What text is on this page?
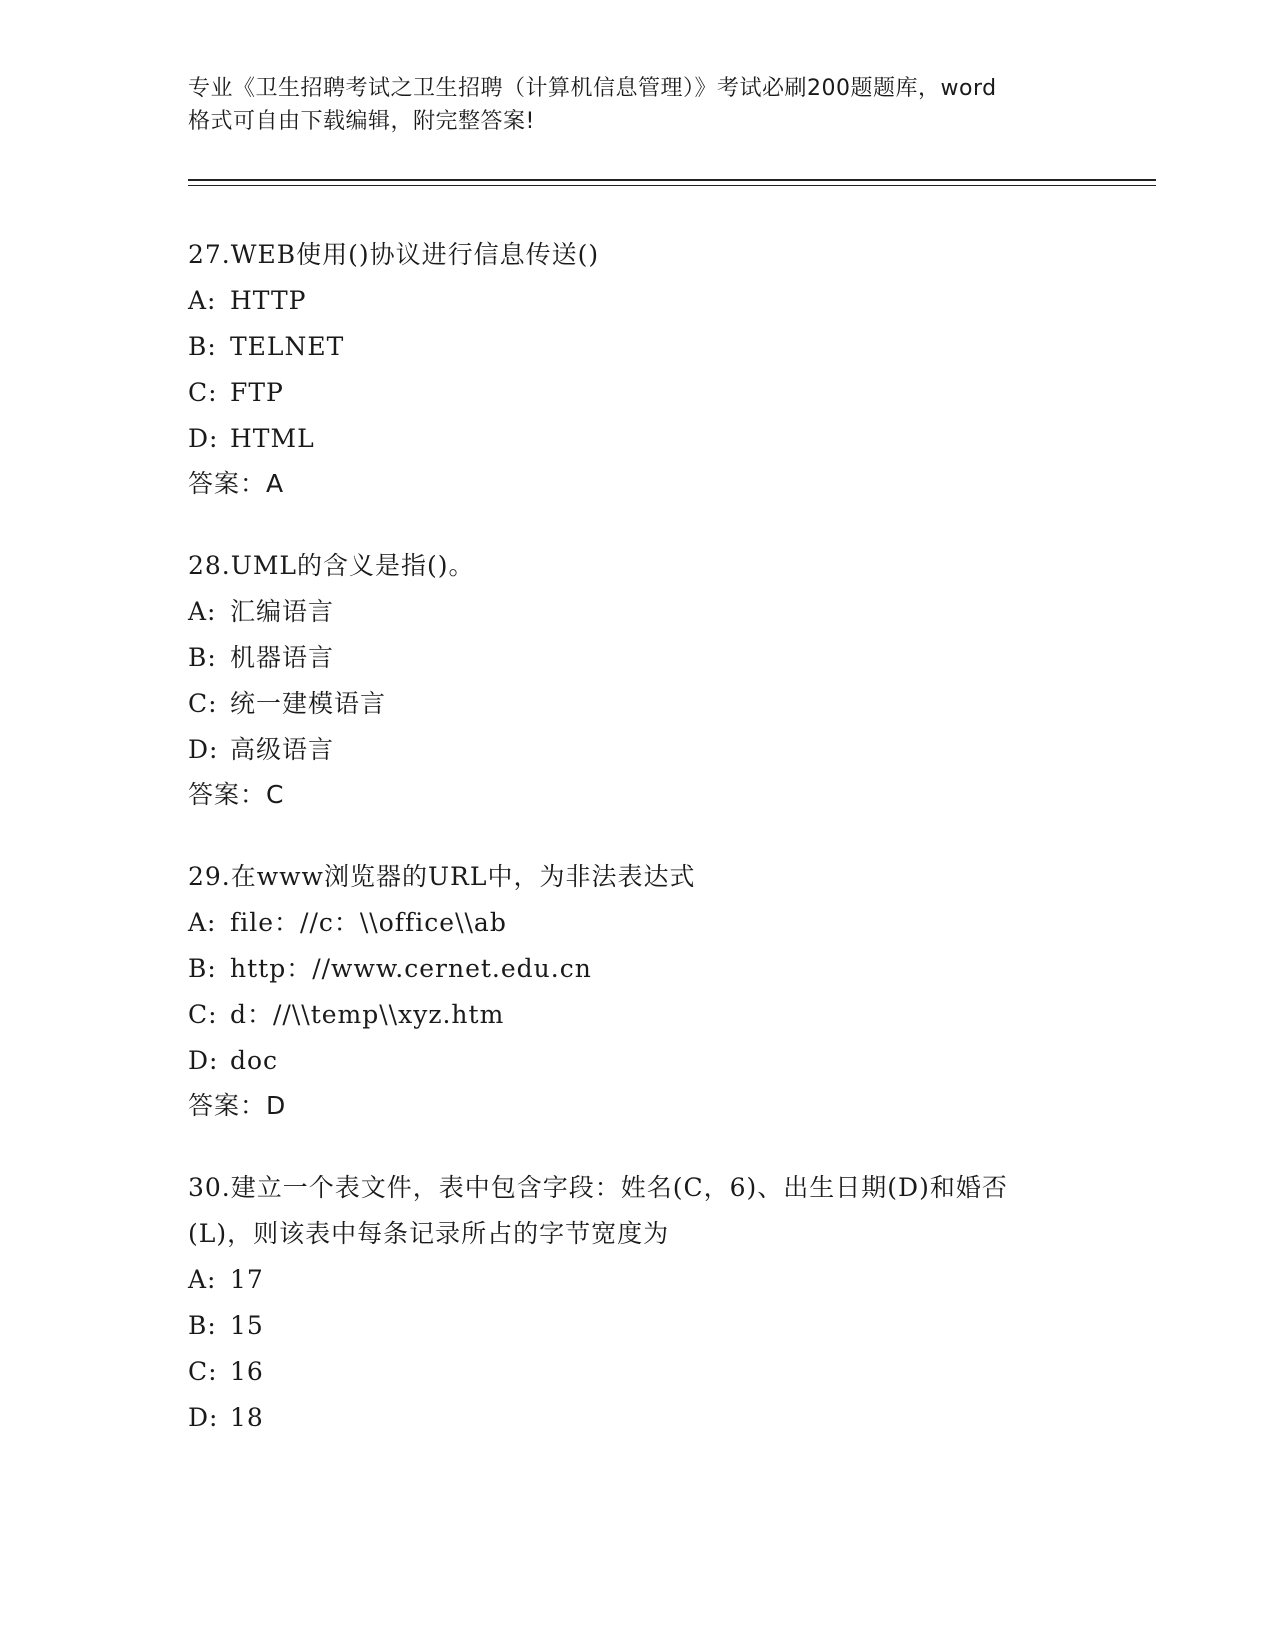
专业《卫生招聘考试之卫生招聘（计算机信息管理）》考试必刷200题题库，word
格式可自由下载编辑，附完整答案!
27.WEB使用()协议进行信息传送()
A: HTTP
B: TELNET
C: FTP
D: HTML
答案：A
28.UML的含义是指()。
A: 汇编语言
B: 机器语言
C: 统一建模语言
D: 高级语言
答案：C
29.在www浏览器的URL中，为非法表达式
A: file：//c：\\office\\ab
B: http：//www.cernet.edu.cn
C: d：//\\temp\\xyz.htm
D: doc
答案：D
30.建立一个表文件，表中包含字段：姓名(C，6)、出生日期(D)和婚否(L)，则该表中每条记录所占的字节宽度为
A: 17
B: 15
C: 16
D: 18
